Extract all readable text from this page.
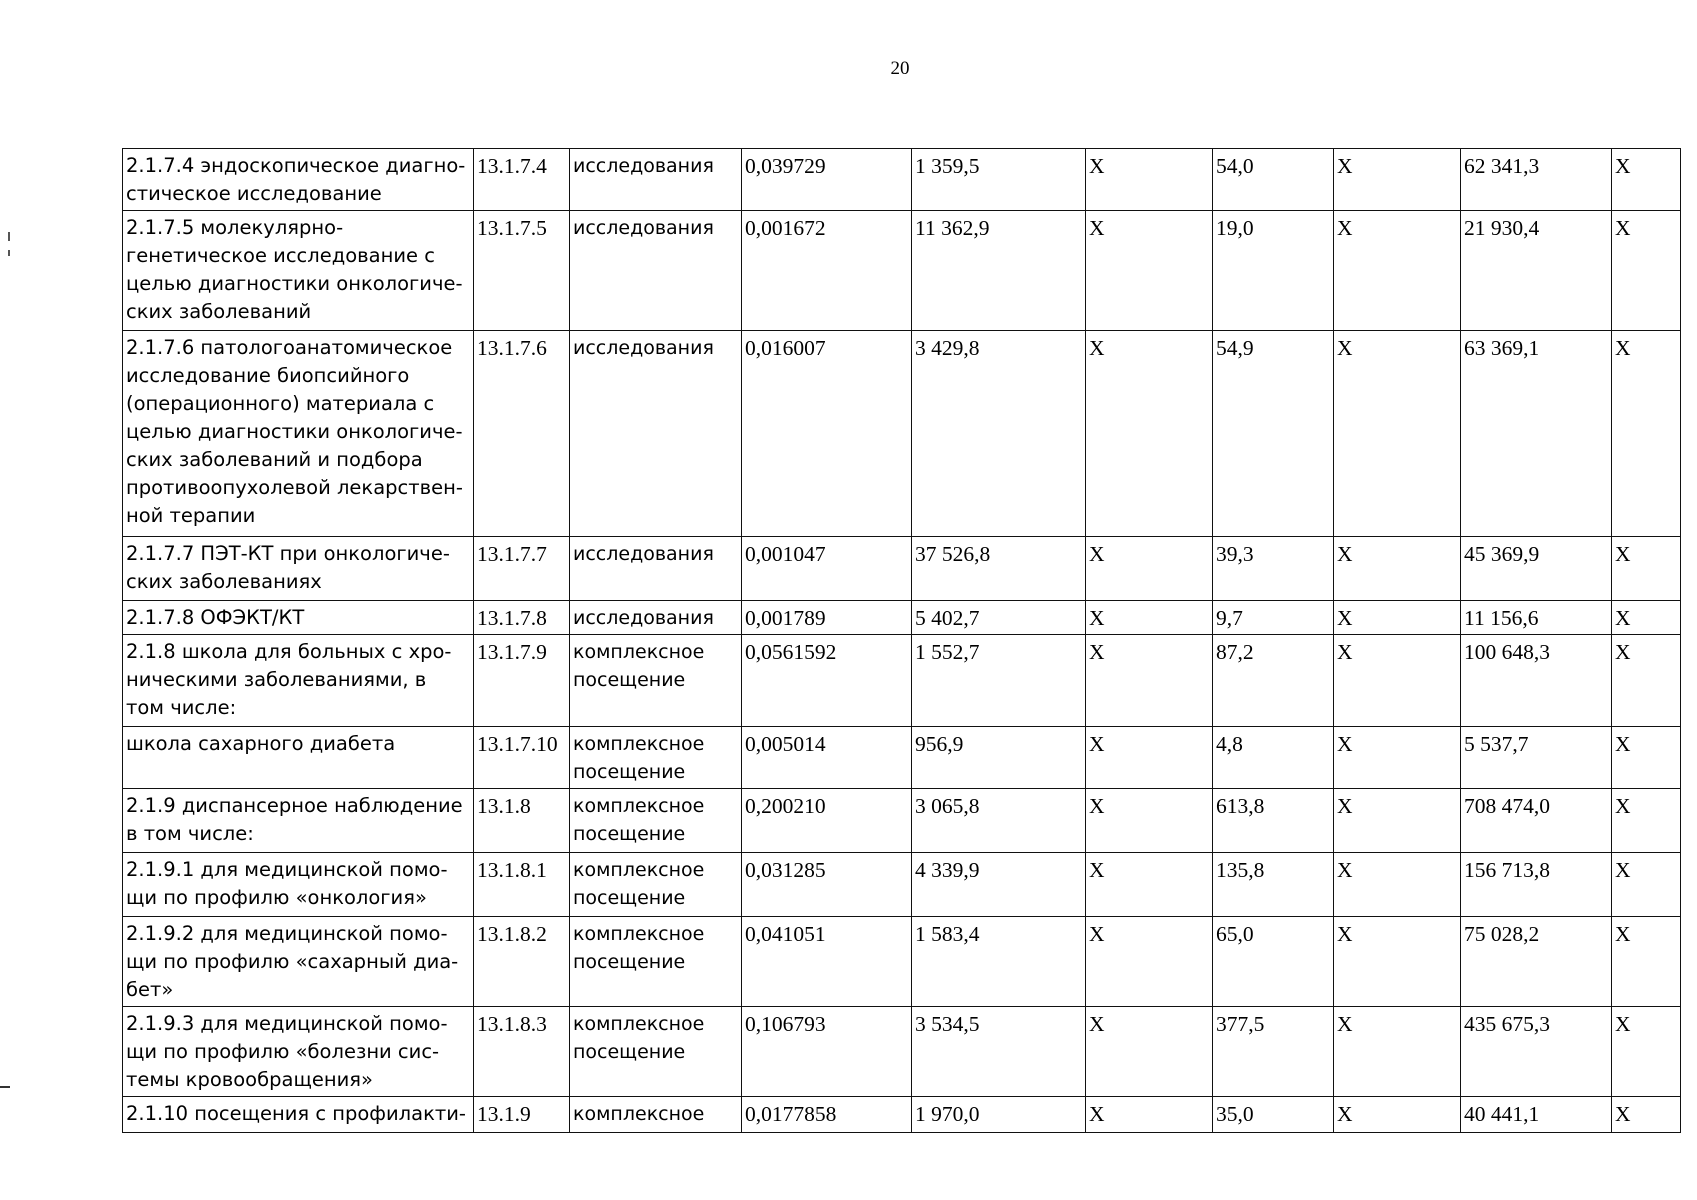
20
2.1.7.4 эндоскопическое диагно-стическое исследование	13.1.7.4	исследования	0,039729	1 359,5	Х	54,0	Х	62 341,3	Х
2.1.7.5 молекулярно-генетическое исследование с целью диагностики онкологиче-ских заболеваний	13.1.7.5	исследования	0,001672	11 362,9	Х	19,0	Х	21 930,4	Х
2.1.7.6 патологоанатомическое исследование биопсийного (операционного) материала с целью диагностики онкологиче-ских заболеваний и подбора противоопухолевой лекарствен-ной терапии	13.1.7.6	исследования	0,016007	3 429,8	Х	54,9	Х	63 369,1	Х
2.1.7.7 ПЭТ-КТ при онкологиче-ских заболеваниях	13.1.7.7	исследования	0,001047	37 526,8	Х	39,3	Х	45 369,9	Х
2.1.7.8 ОФЭКТ/КТ	13.1.7.8	исследования	0,001789	5 402,7	Х	9,7	Х	11 156,6	Х
2.1.8 школа для больных с хро-ническими заболеваниями, в том числе:	13.1.7.9	комплексное посещение	0,0561592	1 552,7	Х	87,2	Х	100 648,3	Х
школа сахарного диабета	13.1.7.10	комплексное посещение	0,005014	956,9	Х	4,8	Х	5 537,7	Х
2.1.9 диспансерное наблюдение в том числе:	13.1.8	комплексное посещение	0,200210	3 065,8	Х	613,8	Х	708 474,0	Х
2.1.9.1 для медицинской помо-щи по профилю «онкология»	13.1.8.1	комплексное посещение	0,031285	4 339,9	Х	135,8	Х	156 713,8	Х
2.1.9.2 для медицинской помо-щи по профилю «сахарный диа-бет»	13.1.8.2	комплексное посещение	0,041051	1 583,4	Х	65,0	Х	75 028,2	Х
2.1.9.3 для медицинской помо-щи по профилю «болезни сис-темы кровообращения»	13.1.8.3	комплексное посещение	0,106793	3 534,5	Х	377,5	Х	435 675,3	Х
2.1.10 посещения с профилакти-	13.1.9	комплексное	0,0177858	1 970,0	Х	35,0	Х	40 441,1	Х
